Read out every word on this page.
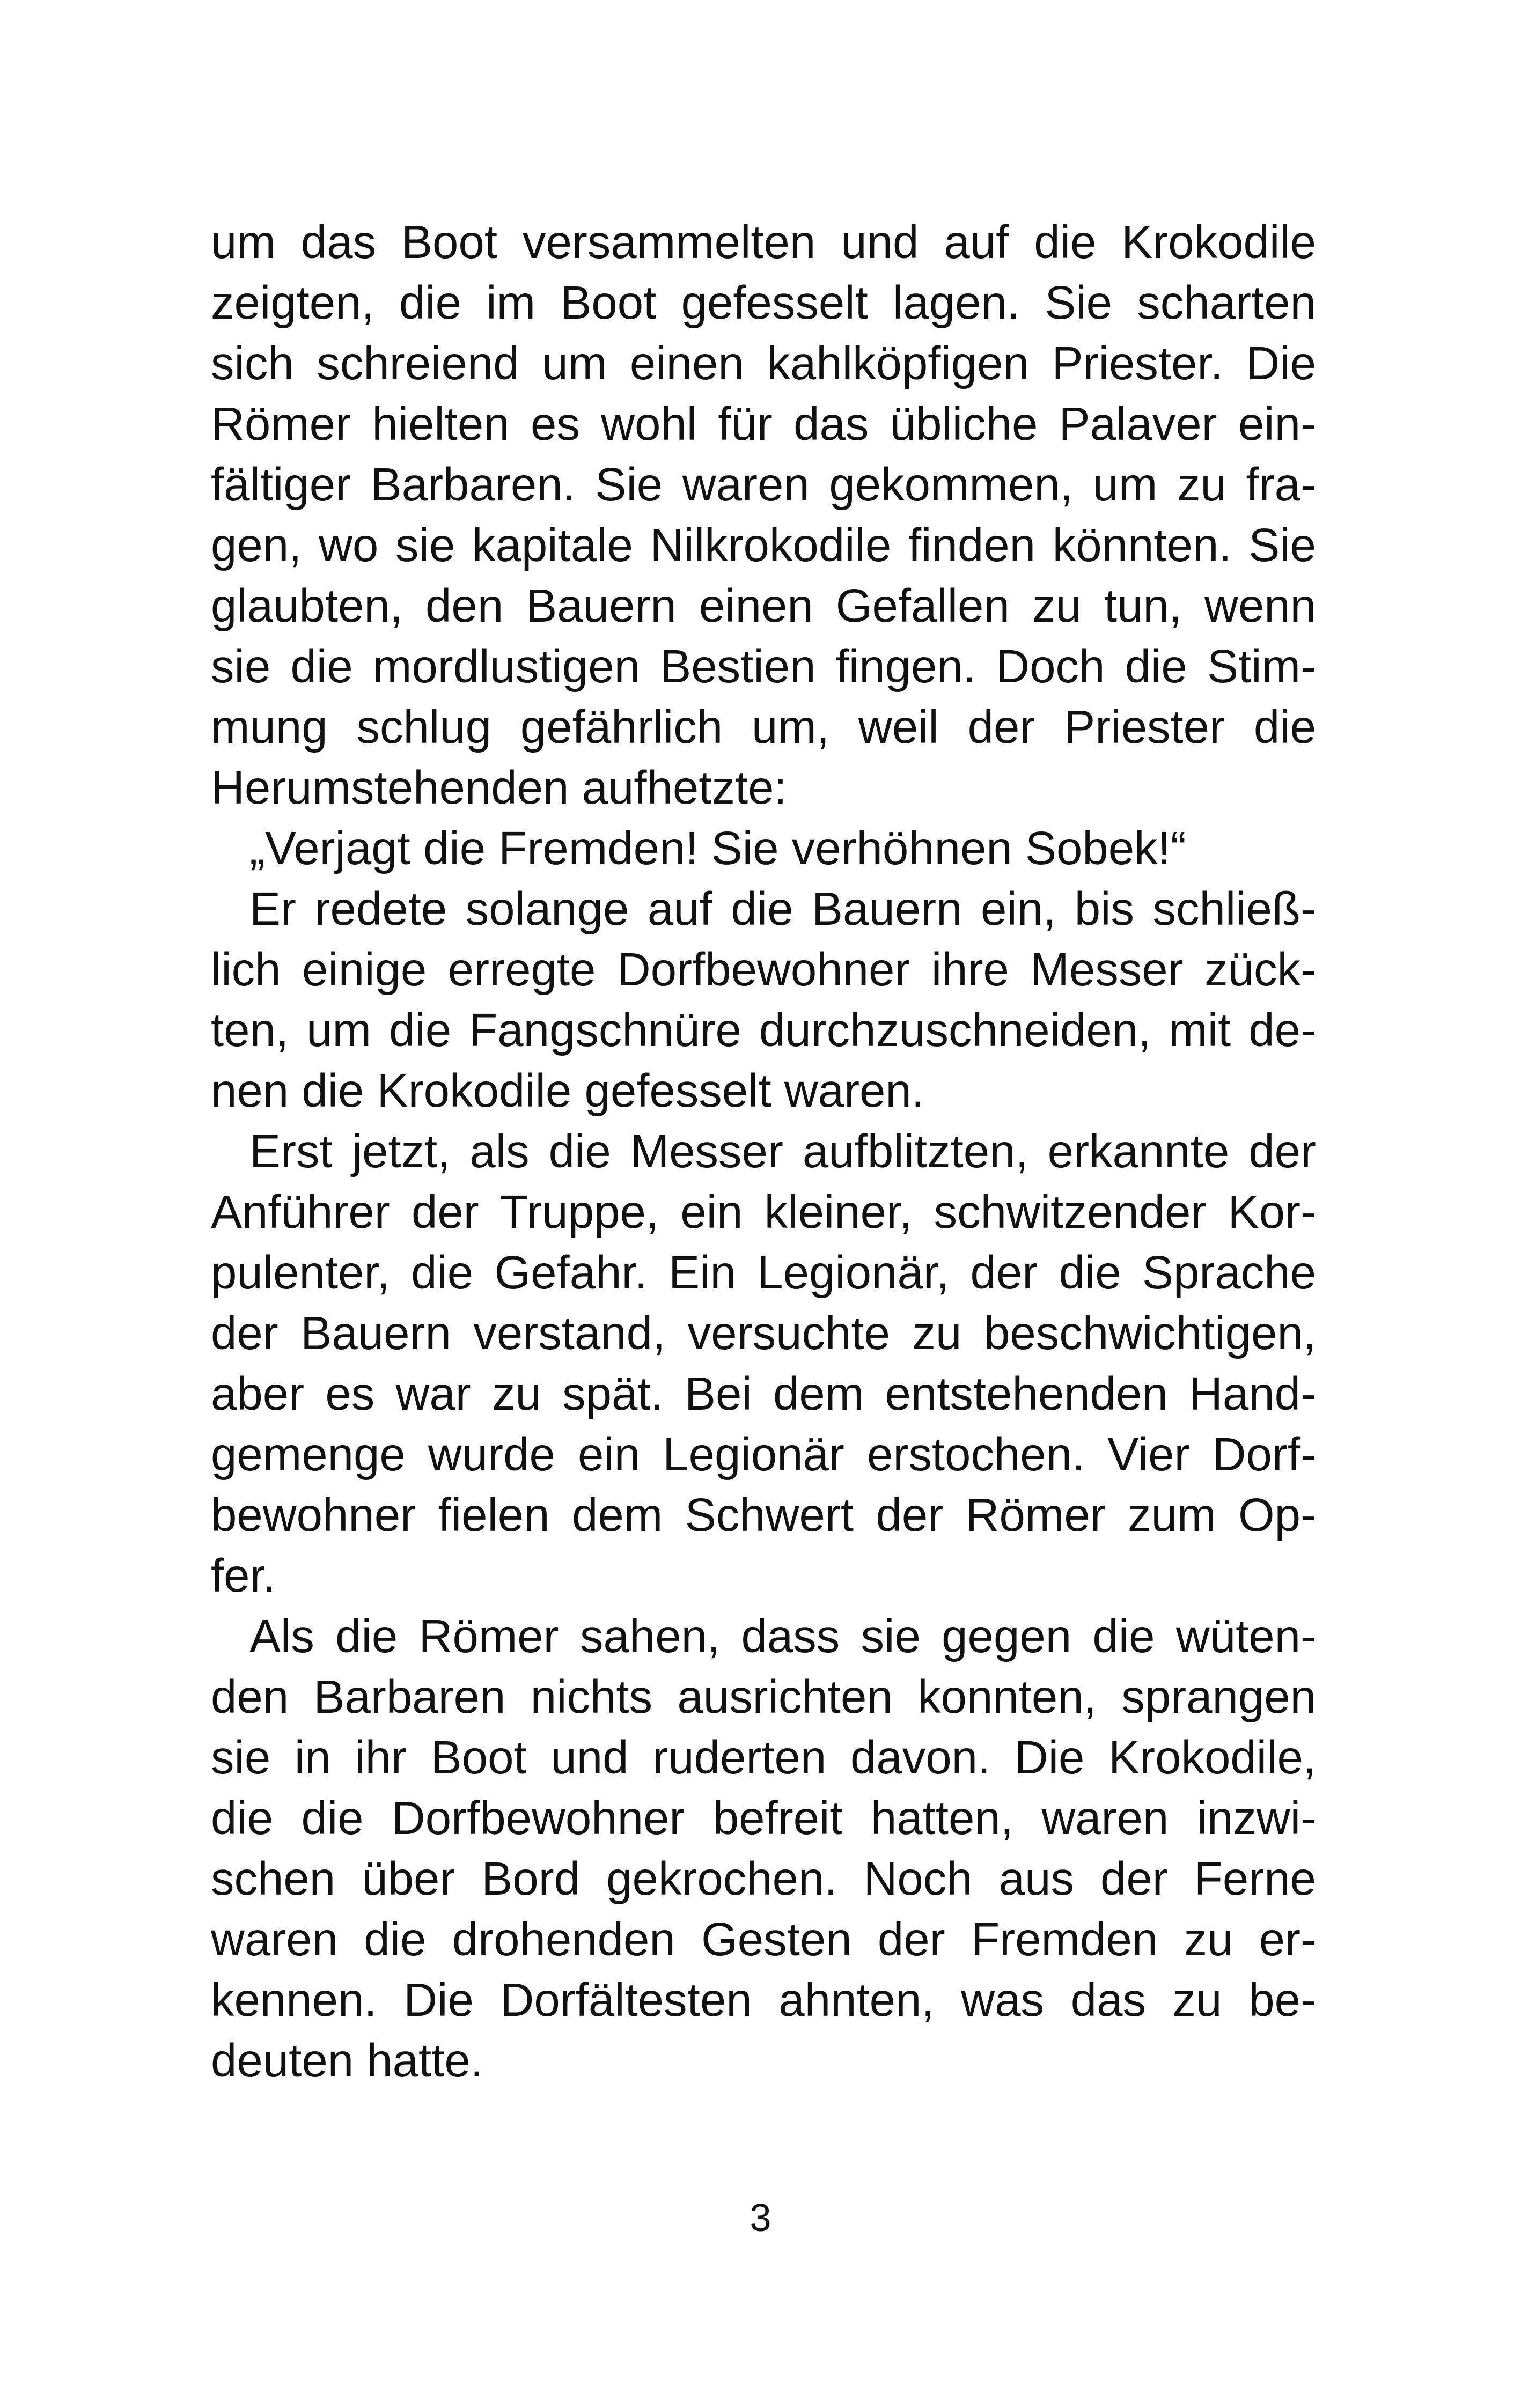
um das Boot versammelten und auf die Krokodile
zeigten, die im Boot gefesselt lagen. Sie scharten
sich schreiend um einen kahlköpfigen Priester. Die
Römer hielten es wohl für das übliche Palaver ein-
fältiger Barbaren. Sie waren gekommen, um zu fra-
gen, wo sie kapitale Nilkrokodile finden könnten. Sie
glaubten, den Bauern einen Gefallen zu tun, wenn
sie die mordlustigen Bestien fingen. Doch die Stim-
mung schlug gefährlich um, weil der Priester die
Herumstehenden aufhetzte:
„Verjagt die Fremden! Sie verhöhnen Sobek!“
Er redete solange auf die Bauern ein, bis schließ-
lich einige erregte Dorfbewohner ihre Messer zück-
ten, um die Fangschnüre durchzuschneiden, mit de-
nen die Krokodile gefesselt waren.
Erst jetzt, als die Messer aufblitzten, erkannte der
Anführer der Truppe, ein kleiner, schwitzender Kor-
pulenter, die Gefahr. Ein Legionär, der die Sprache
der Bauern verstand, versuchte zu beschwichtigen,
aber es war zu spät. Bei dem entstehenden Hand-
gemenge wurde ein Legionär erstochen. Vier Dorf-
bewohner fielen dem Schwert der Römer zum Op-
fer.
Als die Römer sahen, dass sie gegen die wüten-
den Barbaren nichts ausrichten konnten, sprangen
sie in ihr Boot und ruderten davon. Die Krokodile,
die die Dorfbewohner befreit hatten, waren inzwi-
schen über Bord gekrochen. Noch aus der Ferne
waren die drohenden Gesten der Fremden zu er-
kennen. Die Dorfältesten ahnten, was das zu be-
deuten hatte.
3
